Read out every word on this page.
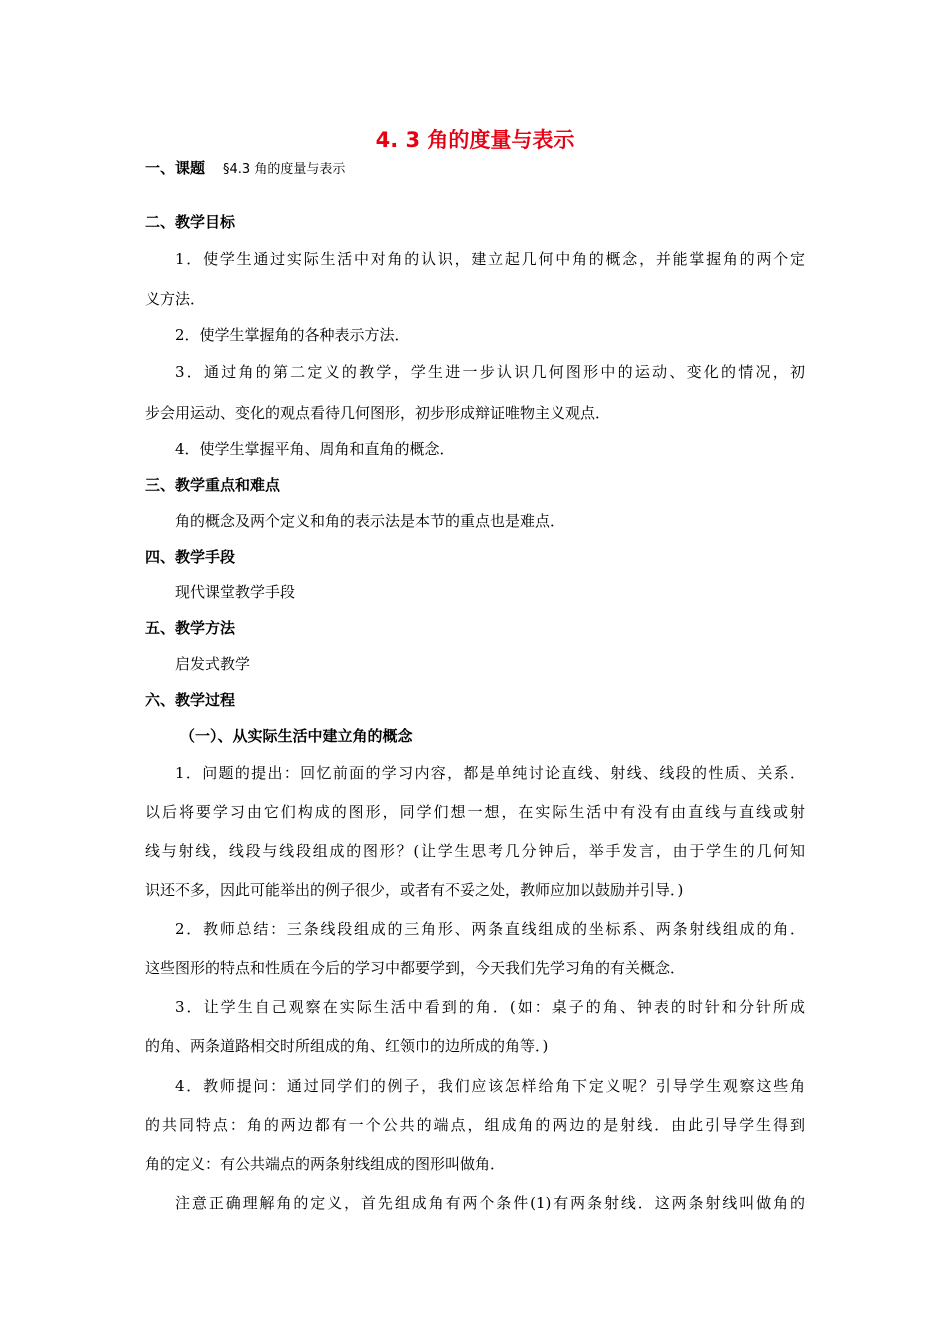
4. 3 角的度量与表示
一、课题 §4.3 角的度量与表示
二、教学目标
1．使学生通过实际生活中对角的认识，建立起几何中角的概念，并能掌握角的两个定
义方法．
2．使学生掌握角的各种表示方法．
3．通过角的第二定义的教学，学生进一步认识几何图形中的运动、变化的情况，初
步会用运动、变化的观点看待几何图形，初步形成辩证唯物主义观点．
4．使学生掌握平角、周角和直角的概念．
三、教学重点和难点
角的概念及两个定义和角的表示法是本节的重点也是难点．
四、教学手段
现代课堂教学手段
五、教学方法
启发式教学
六、教学过程
（一）、从实际生活中建立角的概念
1．问题的提出：回忆前面的学习内容，都是单纯讨论直线、射线、线段的性质、关系．
以后将要学习由它们构成的图形，同学们想一想，在实际生活中有没有由直线与直线或射
线与射线，线段与线段组成的图形？(让学生思考几分钟后，举手发言，由于学生的几何知
识还不多，因此可能举出的例子很少，或者有不妥之处，教师应加以鼓励并引导．)
2．教师总结：三条线段组成的三角形、两条直线组成的坐标系、两条射线组成的角．
这些图形的特点和性质在今后的学习中都要学到，今天我们先学习角的有关概念．
3．让学生自己观察在实际生活中看到的角．(如：桌子的角、钟表的时针和分针所成
的角、两条道路相交时所组成的角、红领巾的边所成的角等．)
4．教师提问：通过同学们的例子，我们应该怎样给角下定义呢？引导学生观察这些角
的共同特点：角的两边都有一个公共的端点，组成角的两边的是射线．由此引导学生得到
角的定义：有公共端点的两条射线组成的图形叫做角．
注意正确理解角的定义，首先组成角有两个条件(1)有两条射线．这两条射线叫做角的
